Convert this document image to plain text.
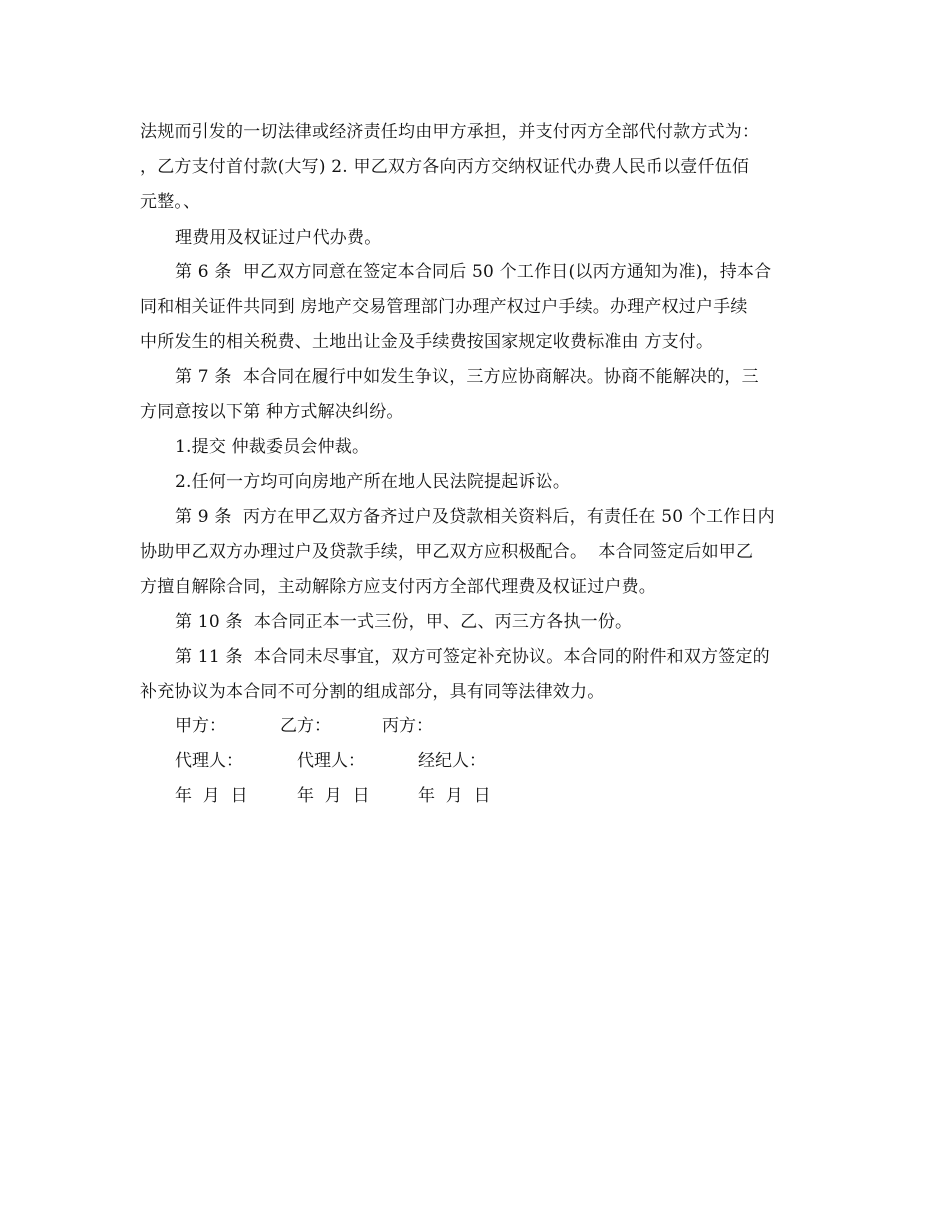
法规而引发的一切法律或经济责任均由甲方承担，并支付丙方全部代付款方式为：
，乙方支付首付款(大写) 2. 甲乙双方各向丙方交纳权证代办费人民币以壹仟伍佰
元整。、
理费用及权证过户代办费。
第 6 条  甲乙双方同意在签定本合同后 50 个工作日(以丙方通知为准)，持本合
同和相关证件共同到 房地产交易管理部门办理产权过户手续。办理产权过户手续
中所发生的相关税费、土地出让金及手续费按国家规定收费标准由 方支付。
第 7 条  本合同在履行中如发生争议，三方应协商解决。协商不能解决的，三
方同意按以下第 种方式解决纠纷。
1.提交 仲裁委员会仲裁。
2.任何一方均可向房地产所在地人民法院提起诉讼。
第 9 条  丙方在甲乙双方备齐过户及贷款相关资料后，有责任在 50 个工作日内
协助甲乙双方办理过户及贷款手续，甲乙双方应积极配合。  本合同签定后如甲乙
方擅自解除合同，主动解除方应支付丙方全部代理费及权证过户费。
第 10 条  本合同正本一式三份，甲、乙、丙三方各执一份。
第 11 条  本合同未尽事宜，双方可签定补充协议。本合同的附件和双方签定的
补充协议为本合同不可分割的组成部分，具有同等法律效力。
甲方：	乙方：	丙方：
代理人：	代理人：	经纪人：
年  月  日	年  月  日	年  月  日
